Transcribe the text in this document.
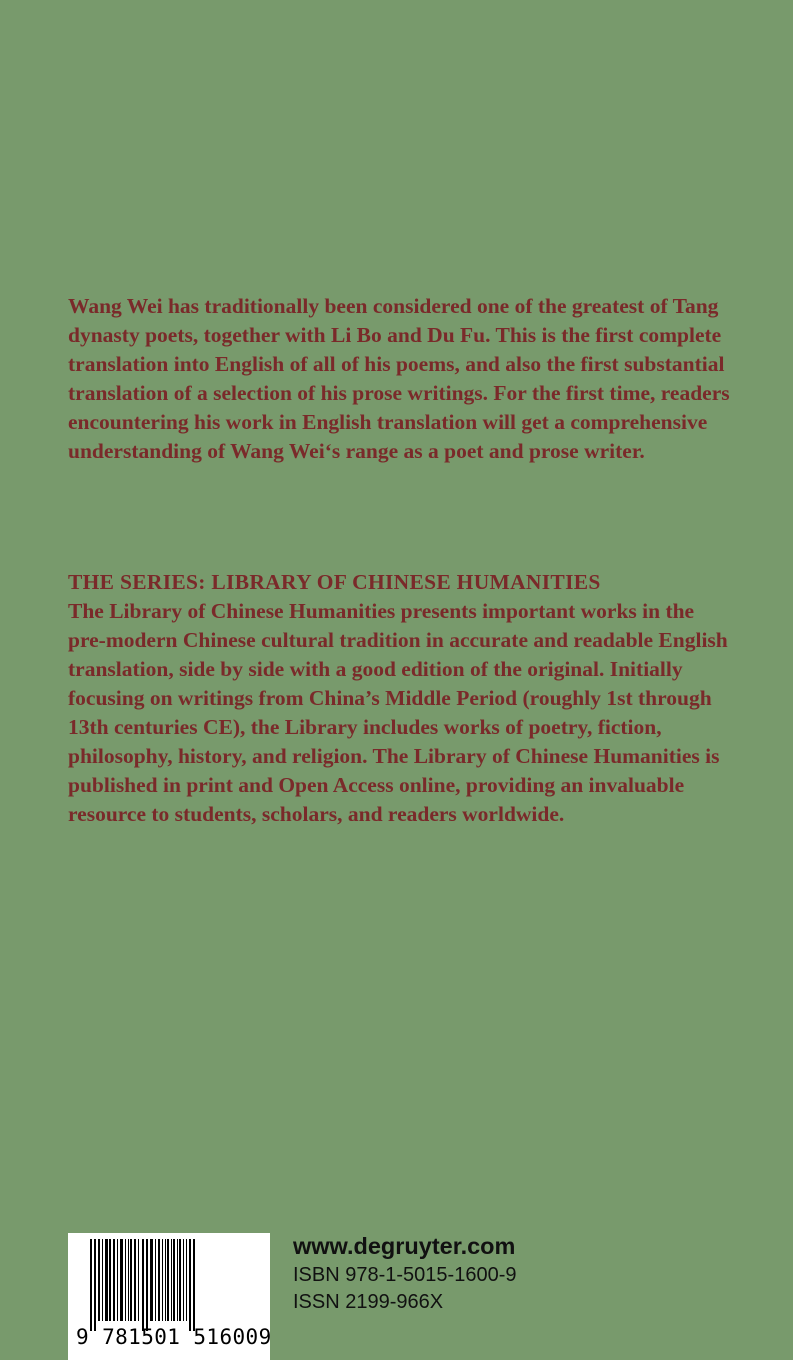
Wang Wei has traditionally been considered one of the greatest of Tang dynasty poets, together with Li Bo and Du Fu. This is the first complete translation into English of all of his poems, and also the first substantial translation of a selection of his prose writings. For the first time, readers encountering his work in English translation will get a comprehensive understanding of Wang Wei‘s range as a poet and prose writer.

THE SERIES: LIBRARY OF CHINESE HUMANITIES

The Library of Chinese Humanities presents important works in the pre-modern Chinese cultural tradition in accurate and readable English translation, side by side with a good edition of the original. Initially focusing on writings from China’s Middle Period (roughly 1st through 13th centuries CE), the Library includes works of poetry, fiction, philosophy, history, and religion. The Library of Chinese Humanities is published in print and Open Access online, providing an invaluable resource to students, scholars, and readers worldwide.

9 781501 516009
www.degruyter.com
ISBN 978-1-5015-1600-9
ISSN 2199-966X
